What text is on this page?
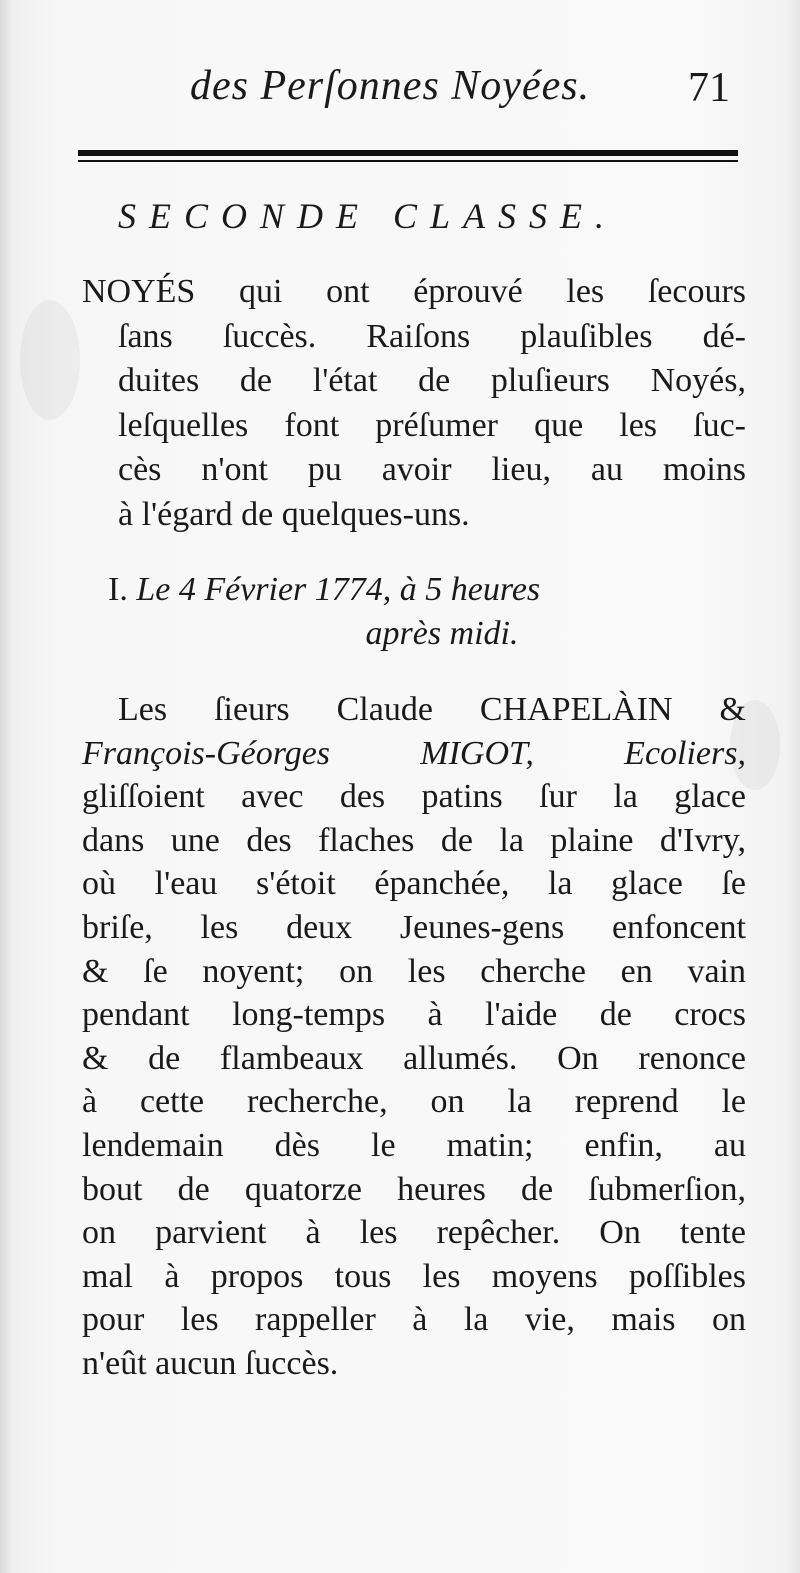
des Perſonnes Noyées. 71
SECONDE CLASSE.
NOYÉS qui ont éprouvé les ſecours
ſans ſuccès. Raiſons plauſibles dé-
duites de l'état de pluſieurs Noyés,
leſquelles font préſumer que les ſuc-
cès n'ont pu avoir lieu, au moins
à l'égard de quelques-uns.
I. Le 4 Février 1774, à 5 heures
après midi.
Les ſieurs Claude CHAPELÀIN &
François-Géorges MIGOT, Ecoliers,
gliſſoient avec des patins ſur la glace
dans une des flaches de la plaine d'Ivry,
où l'eau s'étoit épanchée, la glace ſe
briſe, les deux Jeunes-gens enfoncent
& ſe noyent; on les cherche en vain
pendant long-temps à l'aide de crocs
& de flambeaux allumés. On renonce
à cette recherche, on la reprend le
lendemain dès le matin; enfin, au
bout de quatorze heures de ſubmerſion,
on parvient à les repêcher. On tente
mal à propos tous les moyens poſſibles
pour les rappeller à la vie, mais on
n'eût aucun ſuccès.
